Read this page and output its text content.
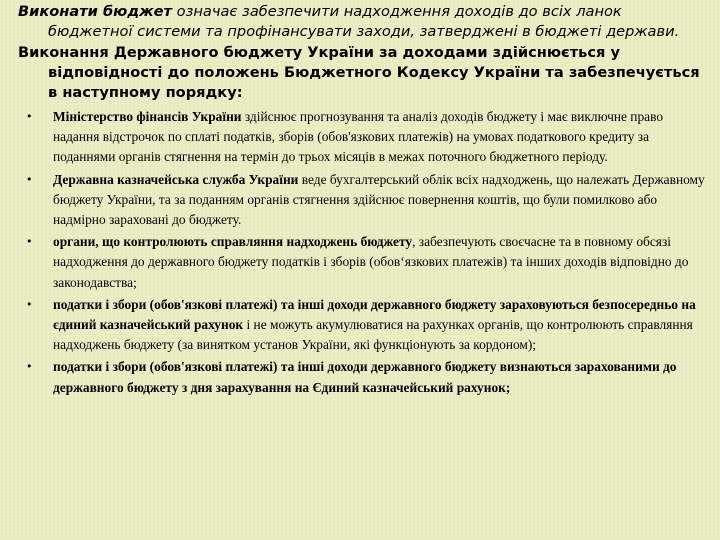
Виконати бюджет означає забезпечити надходження доходів до всіх ланок бюджетної системи та профінансувати заходи, затверджені в бюджеті держави.

Виконання Державного бюджету України за доходами здійснюється у відповідності до положень Бюджетного Кодексу України та забезпечується в наступному порядку:

• Міністерство фінансів України здійснює прогнозування та аналіз доходів бюджету і має виключне право надання відстрочок по сплаті податків, зборів (обов'язкових платежів) на умовах податкового кредиту за поданнями органів стягнення на термін до трьох місяців в межах поточного бюджетного періоду.
• Державна казначейська служба України веде бухгалтерський облік всіх надходжень, що належать Державному бюджету України, та за поданням органів стягнення здійснює повернення коштів, що були помилково або надмірно зараховані до бюджету.
• органи, що контролюють справляння надходжень бюджету, забезпечують своєчасне та в повному обсязі надходження до державного бюджету податків і зборів (обов‘язкових платежів) та інших доходів відповідно до законодавства;
• податки і збори (обов'язкові платежі) та інші доходи державного бюджету зараховуються безпосередньо на єдиний казначейський рахунок і не можуть акумулюватися на рахунках органів, що контролюють справляння надходжень бюджету (за винятком установ України, які функціонують за кордоном);
• податки і збори (обов'язкові платежі) та інші доходи державного бюджету визнаються зарахованими до державного бюджету з дня зарахування на Єдиний казначейський рахунок;
